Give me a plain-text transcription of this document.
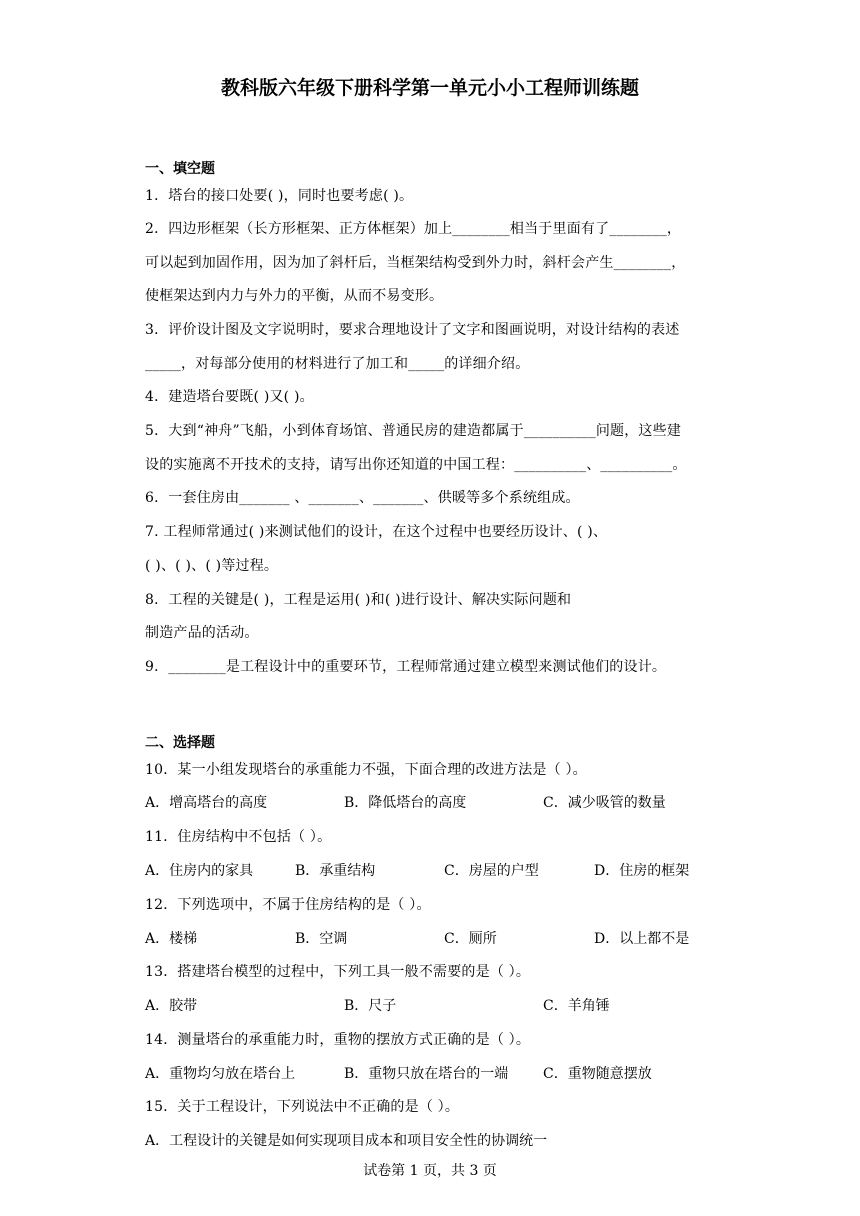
教科版六年级下册科学第一单元小小工程师训练题
一、填空题
1．塔台的接口处要( )，同时也要考虑( )。
2．四边形框架（长方形框架、正方体框架）加上________相当于里面有了________，
可以起到加固作用，因为加了斜杆后，当框架结构受到外力时，斜杆会产生________，
使框架达到内力与外力的平衡，从而不易变形。
3．评价设计图及文字说明时，要求合理地设计了文字和图画说明，对设计结构的表述
_____，对每部分使用的材料进行了加工和_____的详细介绍。
4．建造塔台要既( )又( )。
5．大到“神舟”飞船，小到体育场馆、普通民房的建造都属于__________问题，这些建
设的实施离不开技术的支持，请写出你还知道的中国工程：__________、__________。
6．一套住房由_______ 、_______、_______、供暖等多个系统组成。
7. 工程师常通过( )来测试他们的设计，在这个过程中也要经历设计、( )、
( )、( )、( )等过程。
8．工程的关键是( )，工程是运用( )和( )进行设计、解决实际问题和
制造产品的活动。
9．________是工程设计中的重要环节，工程师常通过建立模型来测试他们的设计。
二、选择题
10．某一小组发现塔台的承重能力不强，下面合理的改进方法是（ ）。
A．增高塔台的高度	B．降低塔台的高度	C．减少吸管的数量
11．住房结构中不包括（ ）。
A．住房内的家具	B．承重结构	C．房屋的户型	D．住房的框架
12．下列选项中，不属于住房结构的是（ ）。
A．楼梯	B．空调	C．厕所	D．以上都不是
13．搭建塔台模型的过程中，下列工具一般不需要的是（ ）。
A．胶带	B．尺子	C．羊角锤
14．测量塔台的承重能力时，重物的摆放方式正确的是（ ）。
A．重物均匀放在塔台上	B．重物只放在塔台的一端 C．重物随意摆放
15．关于工程设计，下列说法中不正确的是（ ）。
A．工程设计的关键是如何实现项目成本和项目安全性的协调统一
试卷第 1 页，共 3 页
